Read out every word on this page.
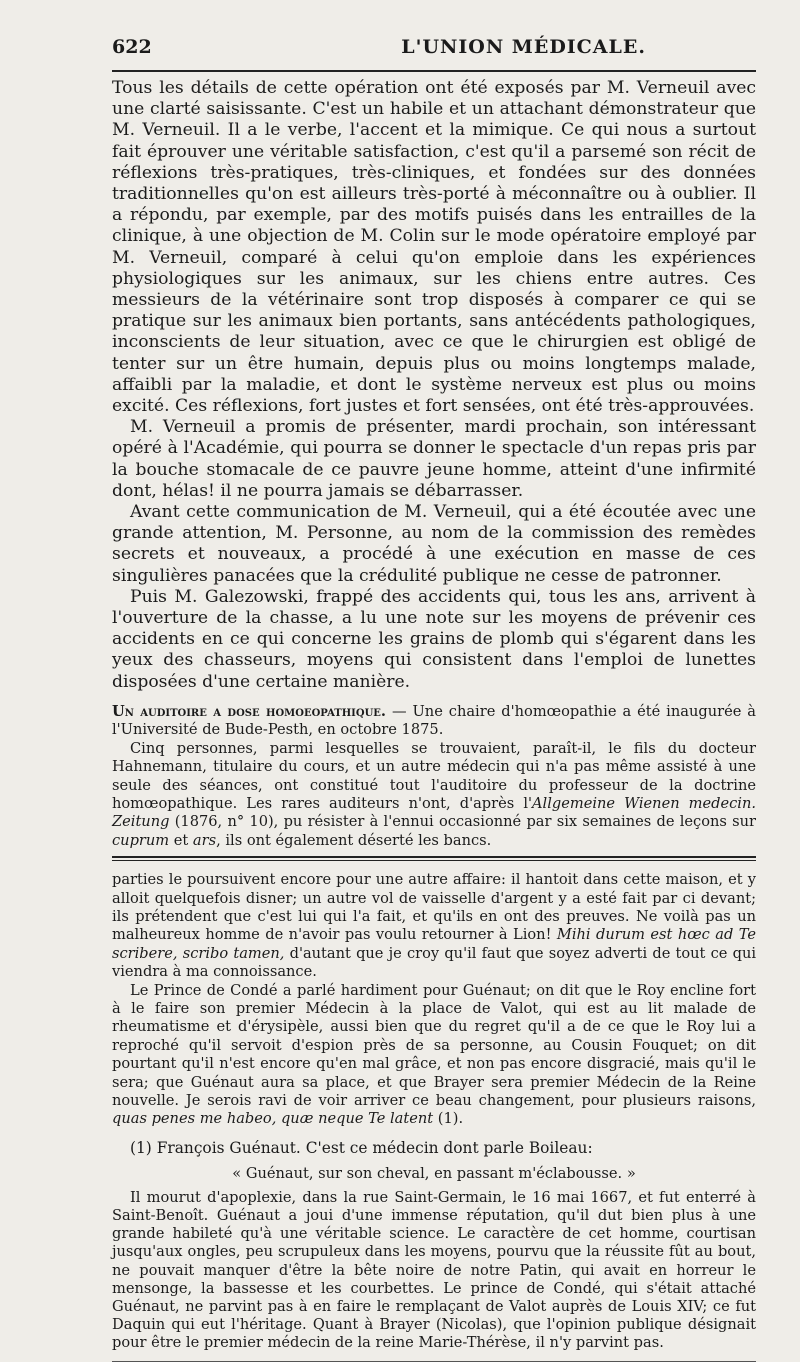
622	L'UNION MÉDICALE.

Tous les détails de cette opération ont été exposés par M. Verneuil avec une clarté saisissante. C'est un habile et un attachant démonstrateur que M. Verneuil. Il a le verbe, l'accent et la mimique. Ce qui nous a surtout fait éprouver une véritable satisfaction, c'est qu'il a parsemé son récit de réflexions très-pratiques, très-cliniques, et fondées sur des données traditionnelles qu'on est ailleurs très-porté à méconnaître ou à oublier. Il a répondu, par exemple, par des motifs puisés dans les entrailles de la clinique, à une objection de M. Colin sur le mode opératoire employé par M. Verneuil, comparé à celui qu'on emploie dans les expériences physiologiques sur les animaux, sur les chiens entre autres. Ces messieurs de la vétérinaire sont trop disposés à comparer ce qui se pratique sur les animaux bien portants, sans antécédents pathologiques, inconscients de leur situation, avec ce que le chirurgien est obligé de tenter sur un être humain, depuis plus ou moins longtemps malade, affaibli par la maladie, et dont le système nerveux est plus ou moins excité. Ces réflexions, fort justes et fort sensées, ont été très-approuvées.

M. Verneuil a promis de présenter, mardi prochain, son intéressant opéré à l'Académie, qui pourra se donner le spectacle d'un repas pris par la bouche stomacale de ce pauvre jeune homme, atteint d'une infirmité dont, hélas! il ne pourra jamais se débarrasser.

Avant cette communication de M. Verneuil, qui a été écoutée avec une grande attention, M. Personne, au nom de la commission des remèdes secrets et nouveaux, a procédé à une exécution en masse de ces singulières panacées que la crédulité publique ne cesse de patronner.

Puis M. Galezowski, frappé des accidents qui, tous les ans, arrivent à l'ouverture de la chasse, a lu une note sur les moyens de prévenir ces accidents en ce qui concerne les grains de plomb qui s'égarent dans les yeux des chasseurs, moyens qui consistent dans l'emploi de lunettes disposées d'une certaine manière.

Un auditoire a dose homoeopathique. — Une chaire d'homœopathie a été inaugurée à l'Université de Bude-Pesth, en octobre 1875.

Cinq personnes, parmi lesquelles se trouvaient, paraît-il, le fils du docteur Hahnemann, titulaire du cours, et un autre médecin qui n'a pas même assisté à une seule des séances, ont constitué tout l'auditoire du professeur de la doctrine homœopathique. Les rares auditeurs n'ont, d'après l'Allgemeine Wienen medecin. Zeitung (1876, n° 10), pu résister à l'ennui occasionné par six semaines de leçons sur cuprum et ars, ils ont également déserté les bancs.

parties le poursuivent encore pour une autre affaire: il hantoit dans cette maison, et y alloit quelquefois disner; un autre vol de vaisselle d'argent y a esté fait par ci devant; ils prétendent que c'est lui qui l'a fait, et qu'ils en ont des preuves. Ne voilà pas un malheureux homme de n'avoir pas voulu retourner à Lion! Mihi durum est hœc ad Te scribere, scribo tamen, d'autant que je croy qu'il faut que soyez adverti de tout ce qui viendra à ma connoissance.

Le Prince de Condé a parlé hardiment pour Guénaut; on dit que le Roy encline fort à le faire son premier Médecin à la place de Valot, qui est au lit malade de rheumatisme et d'érysipèle, aussi bien que du regret qu'il a de ce que le Roy lui a reproché qu'il servoit d'espion près de sa personne, au Cousin Fouquet; on dit pourtant qu'il n'est encore qu'en mal grâce, et non pas encore disgracié, mais qu'il le sera; que Guénaut aura sa place, et que Brayer sera premier Médecin de la Reine nouvelle. Je serois ravi de voir arriver ce beau changement, pour plusieurs raisons, quas penes me habeo, quæ neque Te latent (1).

(1) François Guénaut. C'est ce médecin dont parle Boileau:

« Guénaut, sur son cheval, en passant m'éclabousse. »

Il mourut d'apoplexie, dans la rue Saint-Germain, le 16 mai 1667, et fut enterré à Saint-Benoît. Guénaut a joui d'une immense réputation, qu'il dut bien plus à une grande habileté qu'à une véritable science. Le caractère de cet homme, courtisan jusqu'aux ongles, peu scrupuleux dans les moyens, pourvu que la réussite fût au bout, ne pouvait manquer d'être la bête noire de notre Patin, qui avait en horreur le mensonge, la bassesse et les courbettes. Le prince de Condé, qui s'était attaché Guénaut, ne parvint pas à en faire le remplaçant de Valot auprès de Louis XIV; ce fut Daquin qui eut l'héritage. Quant à Brayer (Nicolas), que l'opinion publique désignait pour être le premier médecin de la reine Marie-Thérèse, il n'y parvint pas.
